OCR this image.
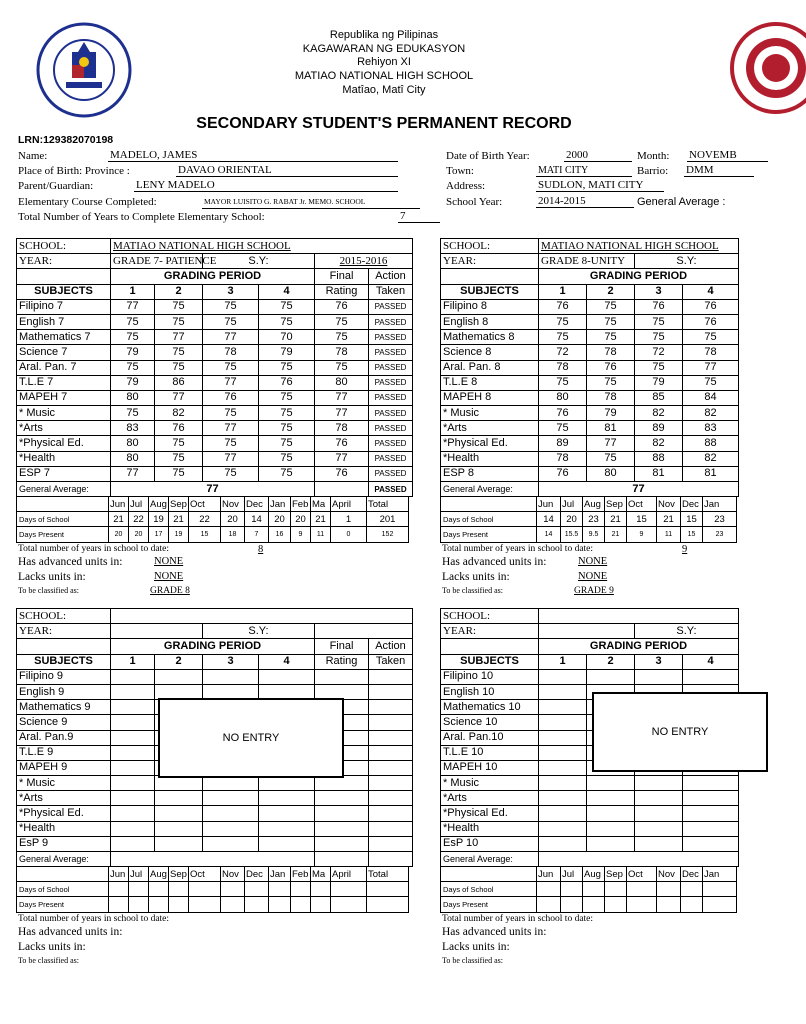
Republika ng Pilipinas
KAGAWARAN NG EDUKASYON
Rehiyon XI
MATIAO NATIONAL HIGH SCHOOL
Matîao, Matî City
SECONDARY STUDENT'S PERMANENT RECORD
LRN:129382070198
Name:	MADELO, JAMES
Place of Birth: Province :	DAVAO ORIENTAL
Parent/Guardian:	LENY MADELO
Elementary Course Completed:	MAYOR LUISITO G. RABAT Jr. MEMO. SCHOOL
Total Number of Years to Complete Elementary School:	7
Date of Birth Year:	2000	Month: NOVEMB
Town:	MATI CITY	Barrio: DMM
Address:	SUDLON, MATI CITY
School Year:	2014-2015	General Average :
SCHOOL:	MATIAO NATIONAL HIGH SCHOOL					
YEAR:	GRADE 7- PATIENCE		S.Y:		2015-2016	
	GRADING PERIOD				Final	Action
SUBJECTS	1	2	3	4	Rating	Taken
Filipino 7	77	75	75	75	76	PASSED
English 7	75	75	75	75	75	PASSED
Mathematics 7	75	77	77	70	75	PASSED
Science 7	79	75	78	79	78	PASSED
Aral. Pan. 7	75	75	75	75	75	PASSED
T.L.E 7	79	86	77	76	80	PASSED
MAPEH 7	80	77	76	75	77	PASSED
* Music	75	82	75	75	77	PASSED
*Arts	83	76	77	75	78	PASSED
*Physical Ed.	80	75	75	75	76	PASSED
*Health	80	75	77	75	77	PASSED
ESP 7	77	75	75	75	76	PASSED
General Average:	77					PASSED
	Jun	Jul	Aug	Sep	Oct	Nov	Dec	Jan	Feb	Ma	April	Total
Days of School	21	22	19	21	22	20	14	20	20	21	1	201
Days Present	20	20	17	19	15	18	7	16	9	11	0	152
Total number of years in school to date:	8
Has advanced units in:	NONE
Lacks units in:	NONE
To be classified as:	GRADE 8
SCHOOL:	MATIAO NATIONAL HIGH SCHOOL			
YEAR:	GRADE 8-UNITY		S.Y:	
	GRADING PERIOD			
SUBJECTS	1	2	3	4
Filipino 8	76	75	76	76
English 8	75	75	75	76
Mathematics 8	75	75	75	75
Science 8	72	78	72	78
Aral. Pan. 8	78	76	75	77
T.L.E 8	75	75	79	75
MAPEH 8	80	78	85	84
* Music	76	79	82	82
*Arts	75	81	89	83
*Physical Ed.	89	77	82	88
*Health	78	75	88	82
ESP 8	76	80	81	81
General Average:	77			
	Jun	Jul	Aug	Sep	Oct	Nov	Dec	Jan
Days of School	14	20	23	21	15	21	15	23
Days Present	14	15.5	9.5	21	9	11	15	23
Total number of years in school to date:	9
Has advanced units in:	NONE
Lacks units in:	NONE
To be classified as:	GRADE 9
SCHOOL:						
YEAR:			S.Y:			
	GRADING PERIOD				Final	Action
SUBJECTS	1	2	3	4	Rating	Taken
Filipino 9						
English 9						
Mathematics 9						
Science 9						
Aral. Pan.9						
T.L.E 9						
MAPEH 9						
* Music						
*Arts						
*Physical Ed.						
*Health						
EsP 9						
General Average:						
	Jun	Jul	Aug	Sep	Oct	Nov	Dec	Jan	Feb	Ma	April	Total
Days of School												
Days Present												
Total number of years in school to date:
Has advanced units in:
Lacks units in:
To be classified as:
SCHOOL:				
YEAR:			S.Y:	
	GRADING PERIOD			
SUBJECTS	1	2	3	4
Filipino 10				
English 10				
Mathematics 10				
Science 10				
Aral. Pan.10				
T.L.E 10				
MAPEH 10				
* Music				
*Arts				
*Physical Ed.				
*Health				
EsP 10				
General Average:				
	Jun	Jul	Aug	Sep	Oct	Nov	Dec	Jan
Days of School								
Days Present								
Total number of years in school to date:
Has advanced units in:
Lacks units in:
To be classified as:
NO ENTRY	NO ENTRY
